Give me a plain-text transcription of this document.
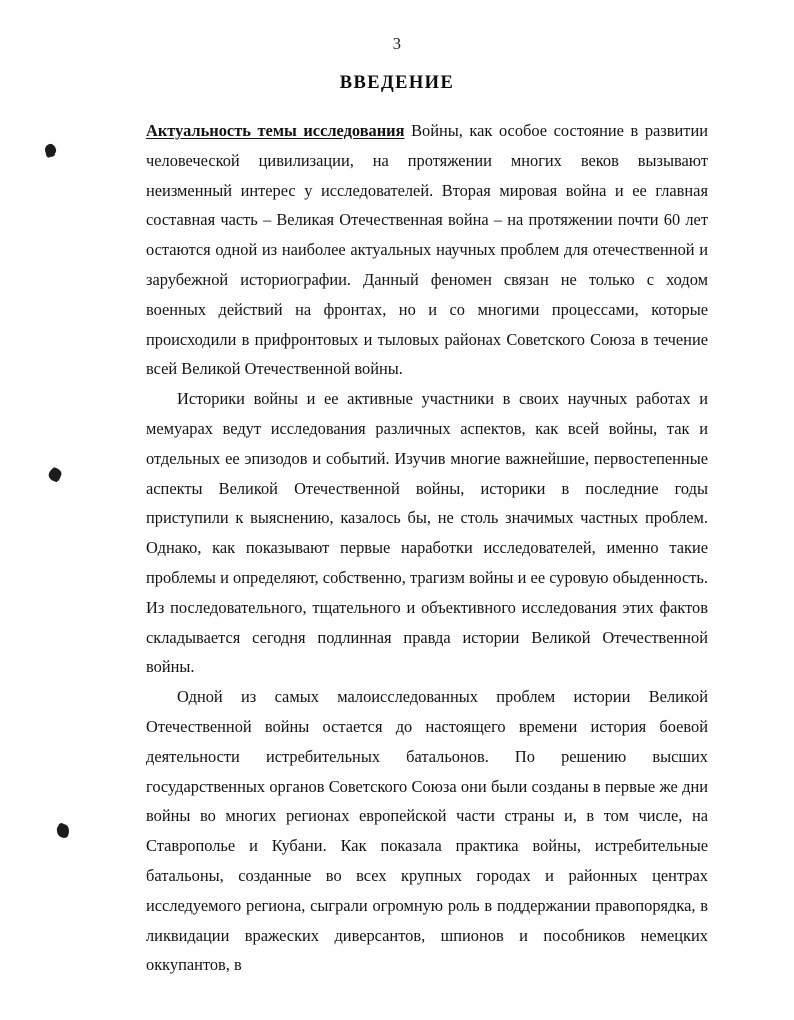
3
ВВЕДЕНИЕ

Актуальность темы исследования Войны, как особое состояние в развитии человеческой цивилизации, на протяжении многих веков вызывают неизменный интерес у исследователей. Вторая мировая война и ее главная составная часть – Великая Отечественная война – на протяжении почти 60 лет остаются одной из наиболее актуальных научных проблем для отечественной и зарубежной историографии. Данный феномен связан не только с ходом военных действий на фронтах, но и со многими процессами, которые происходили в прифронтовых и тыловых районах Советского Союза в течение всей Великой Отечественной войны.

Историки войны и ее активные участники в своих научных работах и мемуарах ведут исследования различных аспектов, как всей войны, так и отдельных ее эпизодов и событий. Изучив многие важнейшие, первостепенные аспекты Великой Отечественной войны, историки в последние годы приступили к выяснению, казалось бы, не столь значимых частных проблем. Однако, как показывают первые наработки исследователей, именно такие проблемы и определяют, собственно, трагизм войны и ее суровую обыденность. Из последовательного, тщательного и объективного исследования этих фактов складывается сегодня подлинная правда истории Великой Отечественной войны.

Одной из самых малоисследованных проблем истории Великой Отечественной войны остается до настоящего времени история боевой деятельности истребительных батальонов. По решению высших государственных органов Советского Союза они были созданы в первые же дни войны во многих регионах европейской части страны и, в том числе, на Ставрополье и Кубани. Как показала практика войны, истребительные батальоны, созданные во всех крупных городах и районных центрах исследуемого региона, сыграли огромную роль в поддержании правопорядка, в ликвидации вражеских диверсантов, шпионов и пособников немецких оккупантов, в
